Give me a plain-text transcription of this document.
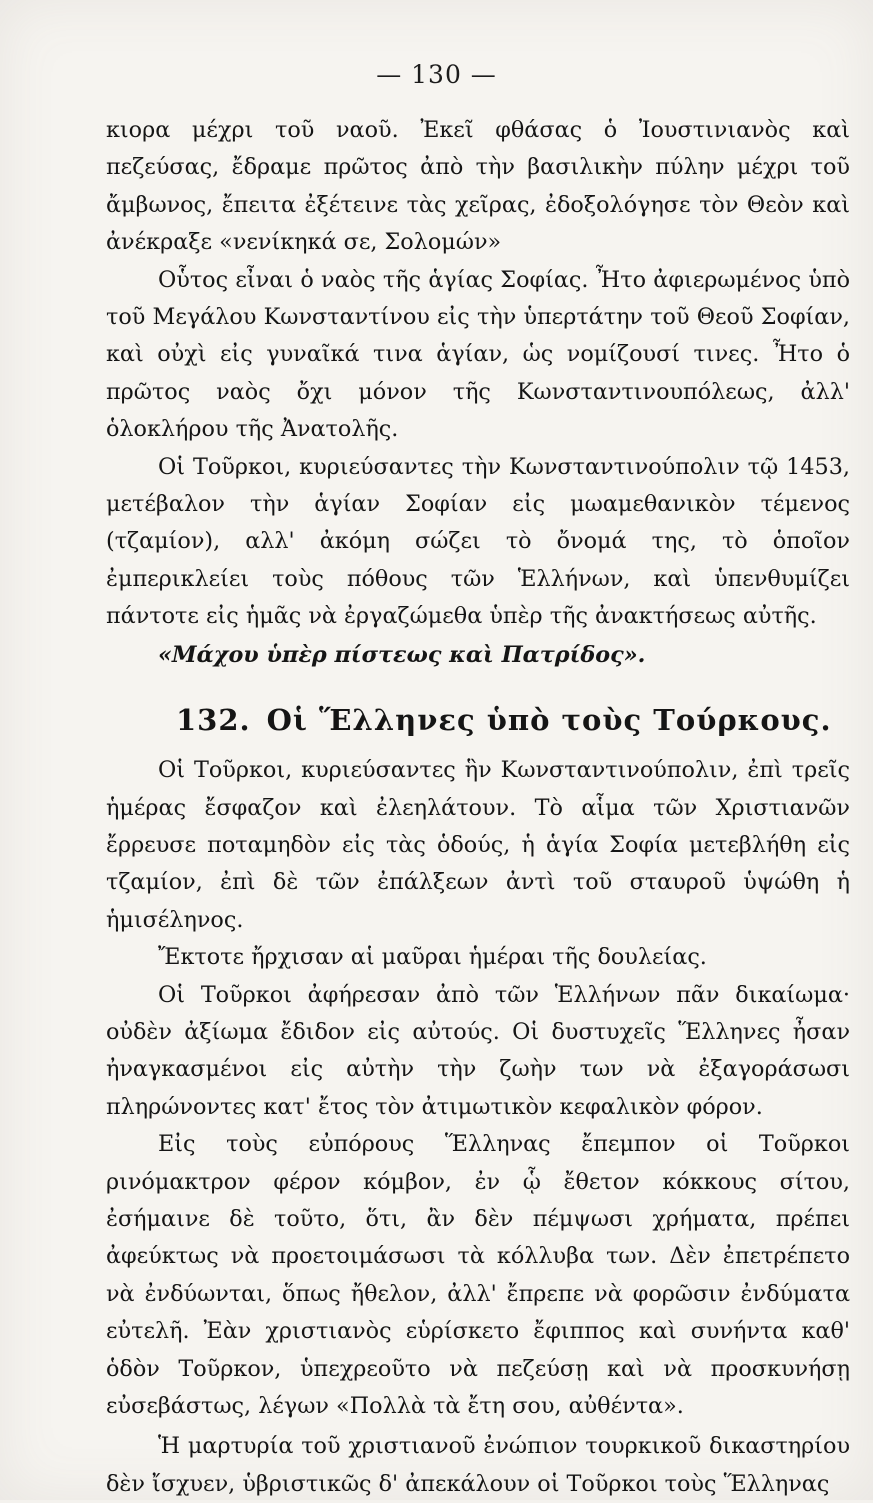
— 130 —

κιορα μέχρι τοῦ ναοῦ. Ἐκεῖ φθάσας ὁ Ἰουστινιανὸς καὶ πεζεύσας, ἔδραμε πρῶτος ἀπὸ τὴν βασιλικὴν πύλην μέχρι τοῦ ἄμβωνος, ἔπειτα ἐξέτεινε τὰς χεῖρας, ἐδοξολόγησε τὸν Θεὸν καὶ ἀνέκραξε «νενίκηκά σε, Σολομών»

Οὗτος εἶναι ὁ ναὸς τῆς ἁγίας Σοφίας. Ἦτο ἀφιερωμένος ὑπὸ τοῦ Μεγάλου Κωνσταντίνου εἰς τὴν ὑπερτάτην τοῦ Θεοῦ Σοφίαν, καὶ οὐχὶ εἰς γυναῖκά τινα ἁγίαν, ὡς νομίζουσί τινες. Ἦτο ὁ πρῶτος ναὸς ὄχι μόνον τῆς Κωνσταντινουπόλεως, ἀλλ' ὁλοκλήρου τῆς Ἀνατολῆς.

Οἱ Τοῦρκοι, κυριεύσαντες τὴν Κωνσταντινούπολιν τῷ 1453, μετέβαλον τὴν ἁγίαν Σοφίαν εἰς μωαμεθανικὸν τέμενος (τζαμίον), αλλ' ἀκόμη σώζει τὸ ὄνομά της, τὸ ὁποῖον ἐμπερικλείει τοὺς πόθους τῶν Ἑλλήνων, καὶ ὑπενθυμίζει πάντοτε εἰς ἡμᾶς νὰ ἐργαζώμεθα ὑπὲρ τῆς ἀνακτήσεως αὐτῆς.

«Μάχου ὑπὲρ πίστεως καὶ Πατρίδος».

132. Οἱ Ἕλληνες ὑπὸ τοὺς Τούρκους.

Οἱ Τοῦρκοι, κυριεύσαντες ἣν Κωνσταντινούπολιν, ἐπὶ τρεῖς ἡμέρας ἔσφαζον καὶ ἐλεηλάτουν. Τὸ αἷμα τῶν Χριστιανῶν ἔρρευσε ποταμηδὸν εἰς τὰς ὁδούς, ἡ ἁγία Σοφία μετεβλήθη εἰς τζαμίον, ἐπὶ δὲ τῶν ἐπάλξεων ἀντὶ τοῦ σταυροῦ ὑψώθη ἡ ἡμισέληνος.

Ἔκτοτε ἤρχισαν αἱ μαῦραι ἡμέραι τῆς δουλείας.

Οἱ Τοῦρκοι ἀφήρεσαν ἀπὸ τῶν Ἑλλήνων πᾶν δικαίωμα· οὐδὲν ἀξίωμα ἔδιδον εἰς αὐτούς. Οἱ δυστυχεῖς Ἕλληνες ἦσαν ἠναγκασμένοι εἰς αὐτὴν τὴν ζωὴν των νὰ ἐξαγοράσωσι πληρώνοντες κατ' ἔτος τὸν ἀτιμωτικὸν κεφαλικὸν φόρον.

Εἰς τοὺς εὐπόρους Ἕλληνας ἔπεμπον οἱ Τοῦρκοι ρινόμακτρον φέρον κόμβον, ἐν ᾧ ἔθετον κόκκους σίτου, ἐσήμαινε δὲ τοῦτο, ὅτι, ἂν δὲν πέμψωσι χρήματα, πρέπει ἀφεύκτως νὰ προετοιμάσωσι τὰ κόλλυβα των. Δὲν ἐπετρέπετο νὰ ἐνδύωνται, ὅπως ἤθελον, ἀλλ' ἔπρεπε νὰ φορῶσιν ἐνδύματα εὐτελῆ. Ἐὰν χριστιανὸς εὑρίσκετο ἔφιππος καὶ συνήντα καθ' ὁδὸν Τοῦρκον, ὑπεχρεοῦτο νὰ πεζεύσῃ καὶ νὰ προσκυνήσῃ εὐσεβάστως, λέγων «Πολλὰ τὰ ἔτη σου, αὐθέντα».

Ἡ μαρτυρία τοῦ χριστιανοῦ ἐνώπιον τουρκικοῦ δικαστηρίου δὲν ἴσχυεν, ὑβριστικῶς δ' ἀπεκάλουν οἱ Τοῦρκοι τοὺς Ἕλληνας
